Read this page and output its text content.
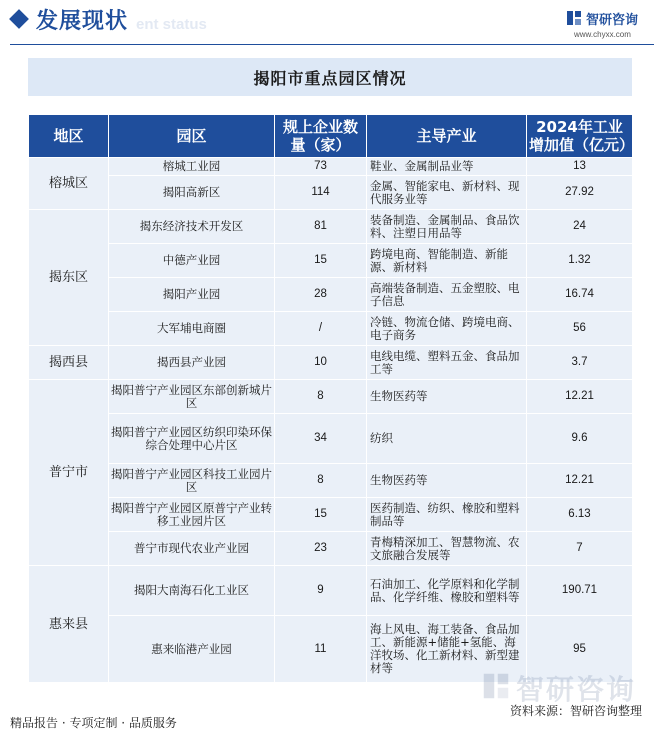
发展现状 ent status	智研咨询
www.chyxx.com
揭阳市重点园区情况
地区	园区	规上企业数量（家）	主导产业	2024年工业增加值（亿元）
榕城区	榕城工业园	73	鞋业、金属制品业等	13
	揭阳高新区	114	金属、智能家电、新材料、现代服务业等	27.92
揭东区	揭东经济技术开发区	81	装备制造、金属制品、食品饮料、注塑日用品等	24
	中德产业园	15	跨境电商、智能制造、新能源、新材料	1.32
	揭阳产业园	28	高端装备制造、五金塑胶、电子信息	16.74
	大军埔电商圈	/	冷链、物流仓储、跨境电商、电子商务	56
揭西县	揭西县产业园	10	电线电缆、塑料五金、食品加工等	3.7
普宁市	揭阳普宁产业园区东部创新城片区	8	生物医药等	12.21
	揭阳普宁产业园区纺织印染环保综合处理中心片区	34	纺织	9.6
	揭阳普宁产业园区科技工业园片区	8	生物医药等	12.21
	揭阳普宁产业园区原普宁产业转移工业园片区	15	医药制造、纺织、橡胶和塑料制品等	6.13
	普宁市现代农业产业园	23	青梅精深加工、智慧物流、农文旅融合发展等	7
惠来县	揭阳大南海石化工业区	9	石油加工、化学原料和化学制品、化学纤维、橡胶和塑料等	190.71
	惠来临港产业园	11	海上风电、海工装备、食品加工、新能源+储能+氢能、海洋牧场、化工新材料、新型建材等	95
智研咨询
资料来源：智研咨询整理
精品报告 · 专项定制 · 品质服务
